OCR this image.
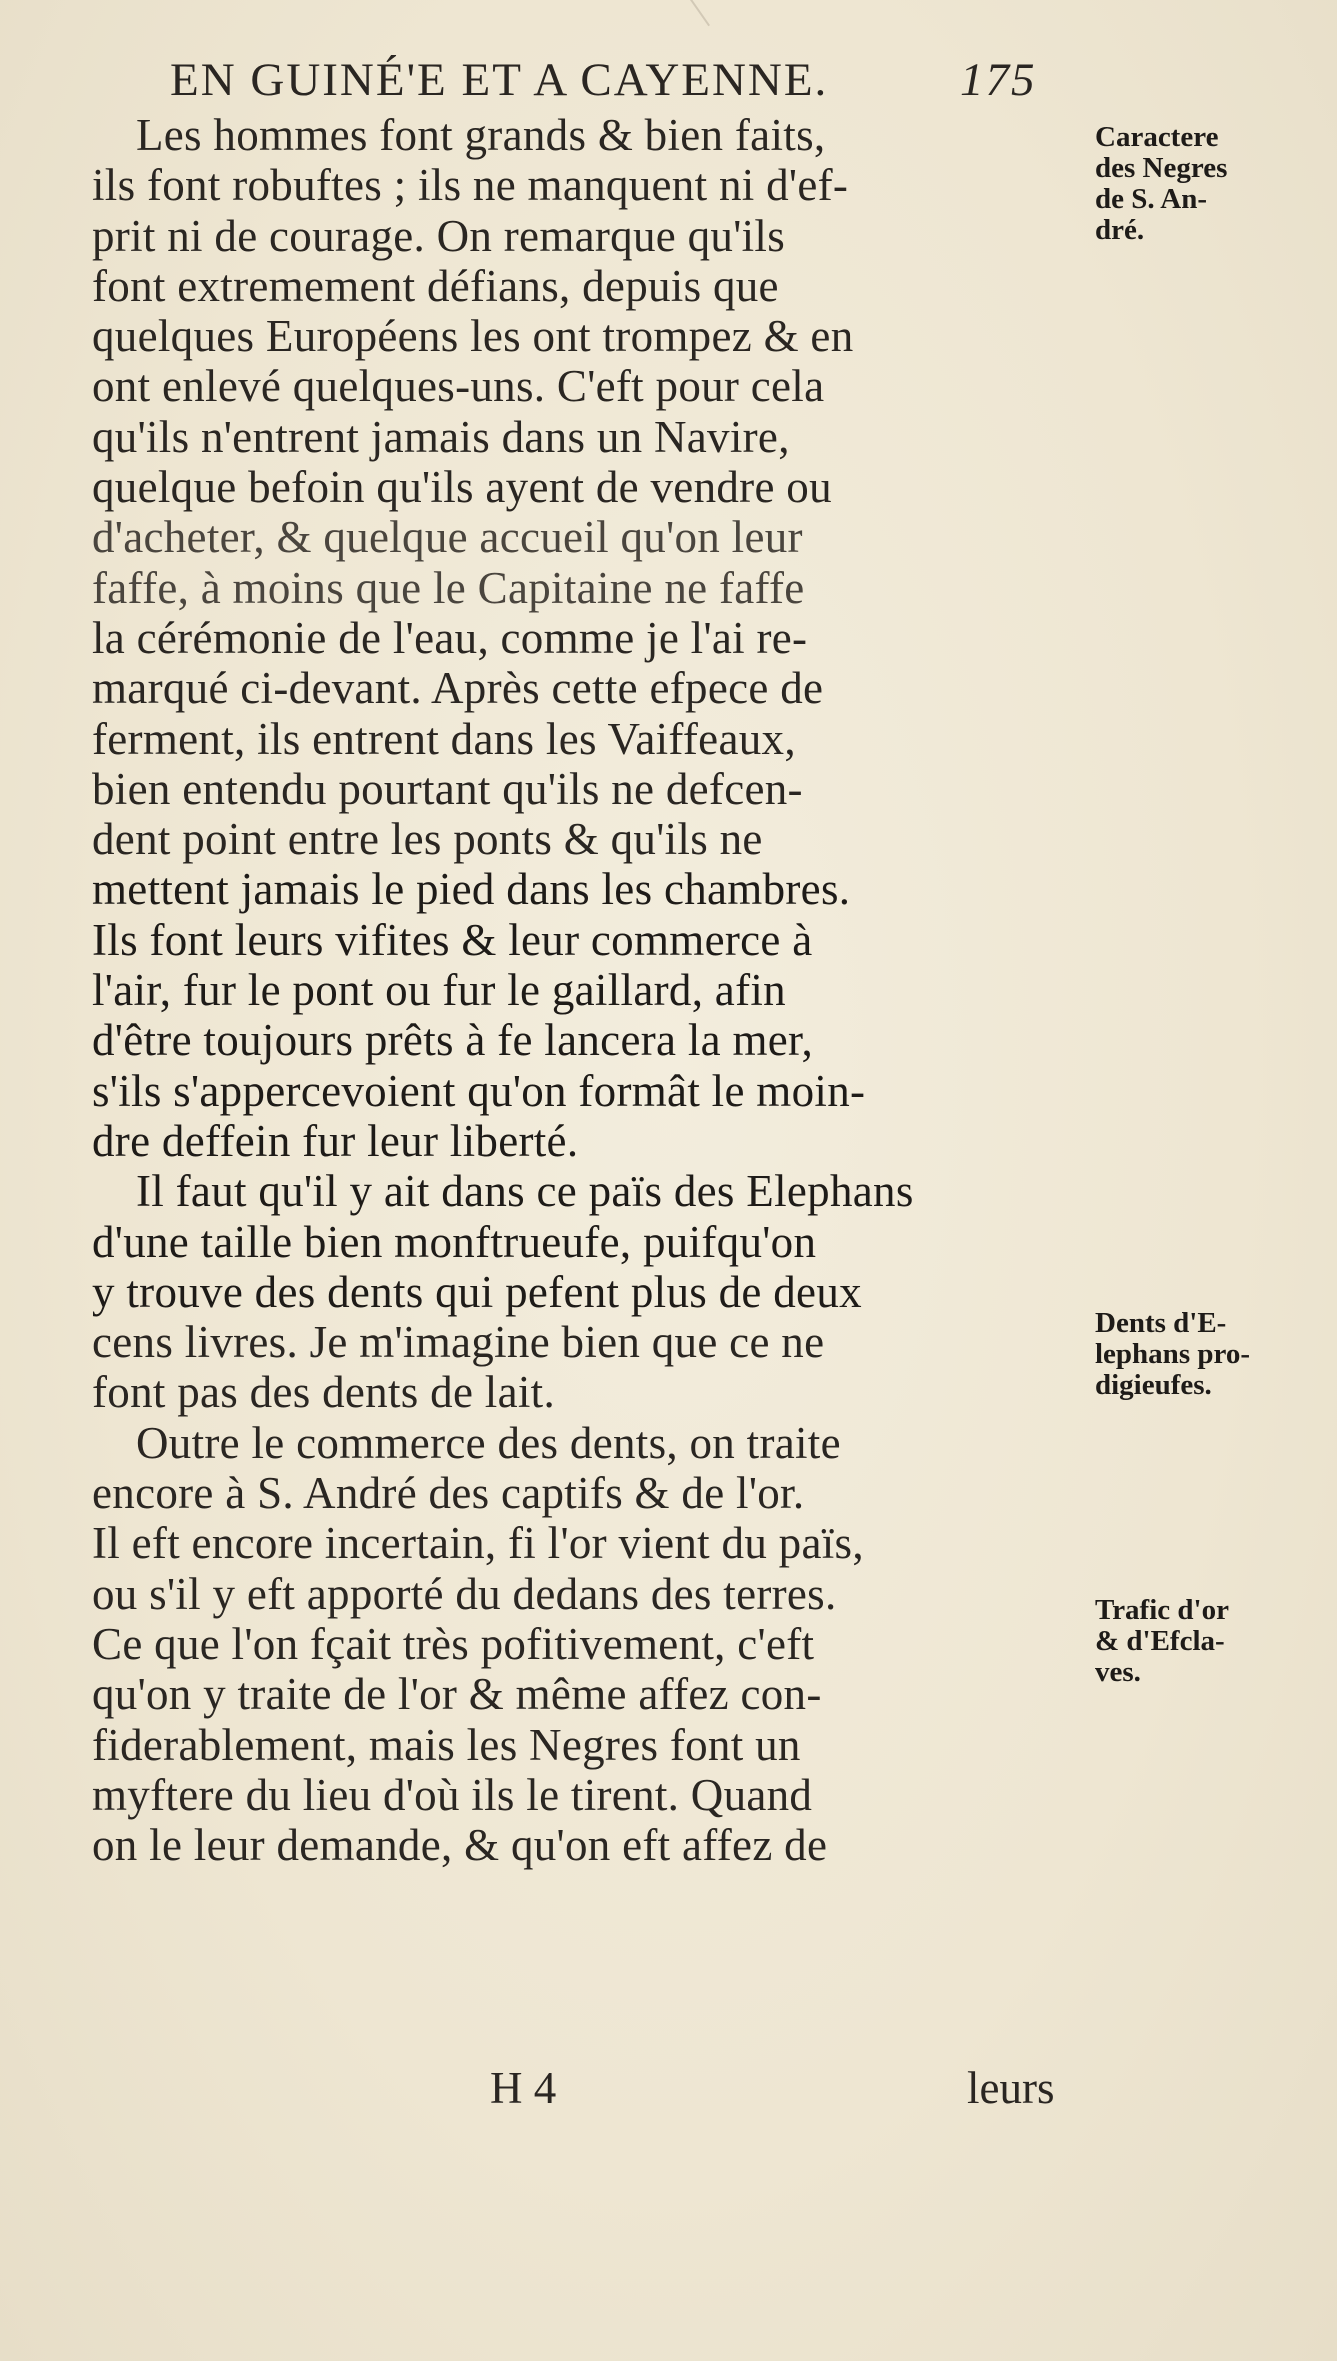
EN GUINÉ'E ET A CAYENNE.	175
Les hommes font grands & bien faits,
ils font robuftes ; ils ne manquent ni d'ef-
prit ni de courage. On remarque qu'ils
font extremement défians, depuis que
quelques Européens les ont trompez & en
ont enlevé quelques-uns. C'eft pour cela
qu'ils n'entrent jamais dans un Navire,
quelque befoin qu'ils ayent de vendre ou
d'acheter, & quelque accueil qu'on leur
faffe, à moins que le Capitaine ne faffe
la cérémonie de l'eau, comme je l'ai re-
marqué ci-devant. Après cette efpece de
ferment, ils entrent dans les Vaiffeaux,
bien entendu pourtant qu'ils ne defcen-
dent point entre les ponts & qu'ils ne
mettent jamais le pied dans les chambres.
Ils font leurs vifites & leur commerce à
l'air, fur le pont ou fur le gaillard, afin
d'être toujours prêts à fe lancera la mer,
s'ils s'appercevoient qu'on formât le moin-
dre deffein fur leur liberté.
Il faut qu'il y ait dans ce païs des Elephans
d'une taille bien monftrueufe, puifqu'on
y trouve des dents qui pefent plus de deux
cens livres. Je m'imagine bien que ce ne
font pas des dents de lait.
Outre le commerce des dents, on traite
encore à S. André des captifs & de l'or.
Il eft encore incertain, fi l'or vient du païs,
ou s'il y eft apporté du dedans des terres.
Ce que l'on fçait très pofitivement, c'eft
qu'on y traite de l'or & même affez con-
fiderablement, mais les Negres font un
myftere du lieu d'où ils le tirent. Quand
on le leur demande, & qu'on eft affez de
Caractere
des Negres
de S. An-
dré.
Dents d'E-
lephans pro-
digieufes.
Trafic d'or
& d'Efcla-
ves.
H 4	leurs
